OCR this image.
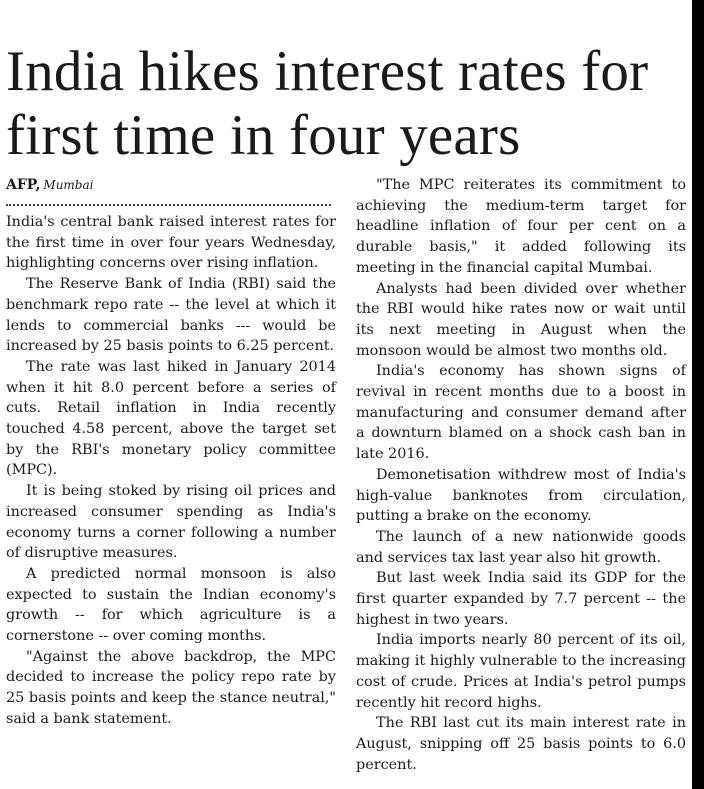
India hikes interest rates for first time in four years
AFP, Mumbai

India's central bank raised interest rates for the first time in over four years Wednesday, highlighting concerns over rising inflation.

The Reserve Bank of India (RBI) said the benchmark repo rate -- the level at which it lends to commercial banks --- would be increased by 25 basis points to 6.25 percent.

The rate was last hiked in January 2014 when it hit 8.0 percent before a series of cuts. Retail inflation in India recently touched 4.58 percent, above the target set by the RBI's monetary policy committee (MPC).

It is being stoked by rising oil prices and increased consumer spending as India's economy turns a corner following a number of disruptive measures.

A predicted normal monsoon is also expected to sustain the Indian economy's growth -- for which agriculture is a cornerstone -- over coming months.

"Against the above backdrop, the MPC decided to increase the policy repo rate by 25 basis points and keep the stance neutral," said a bank statement.

"The MPC reiterates its commitment to achieving the medium-term target for headline inflation of four per cent on a durable basis," it added following its meeting in the financial capital Mumbai.

Analysts had been divided over whether the RBI would hike rates now or wait until its next meeting in August when the monsoon would be almost two months old.

India's economy has shown signs of revival in recent months due to a boost in manufacturing and consumer demand after a downturn blamed on a shock cash ban in late 2016.

Demonetisation withdrew most of India's high-value banknotes from circulation, putting a brake on the economy.

The launch of a new nationwide goods and services tax last year also hit growth.

But last week India said its GDP for the first quarter expanded by 7.7 percent -- the highest in two years.

India imports nearly 80 percent of its oil, making it highly vulnerable to the increasing cost of crude. Prices at India's petrol pumps recently hit record highs.

The RBI last cut its main interest rate in August, snipping off 25 basis points to 6.0 percent.
